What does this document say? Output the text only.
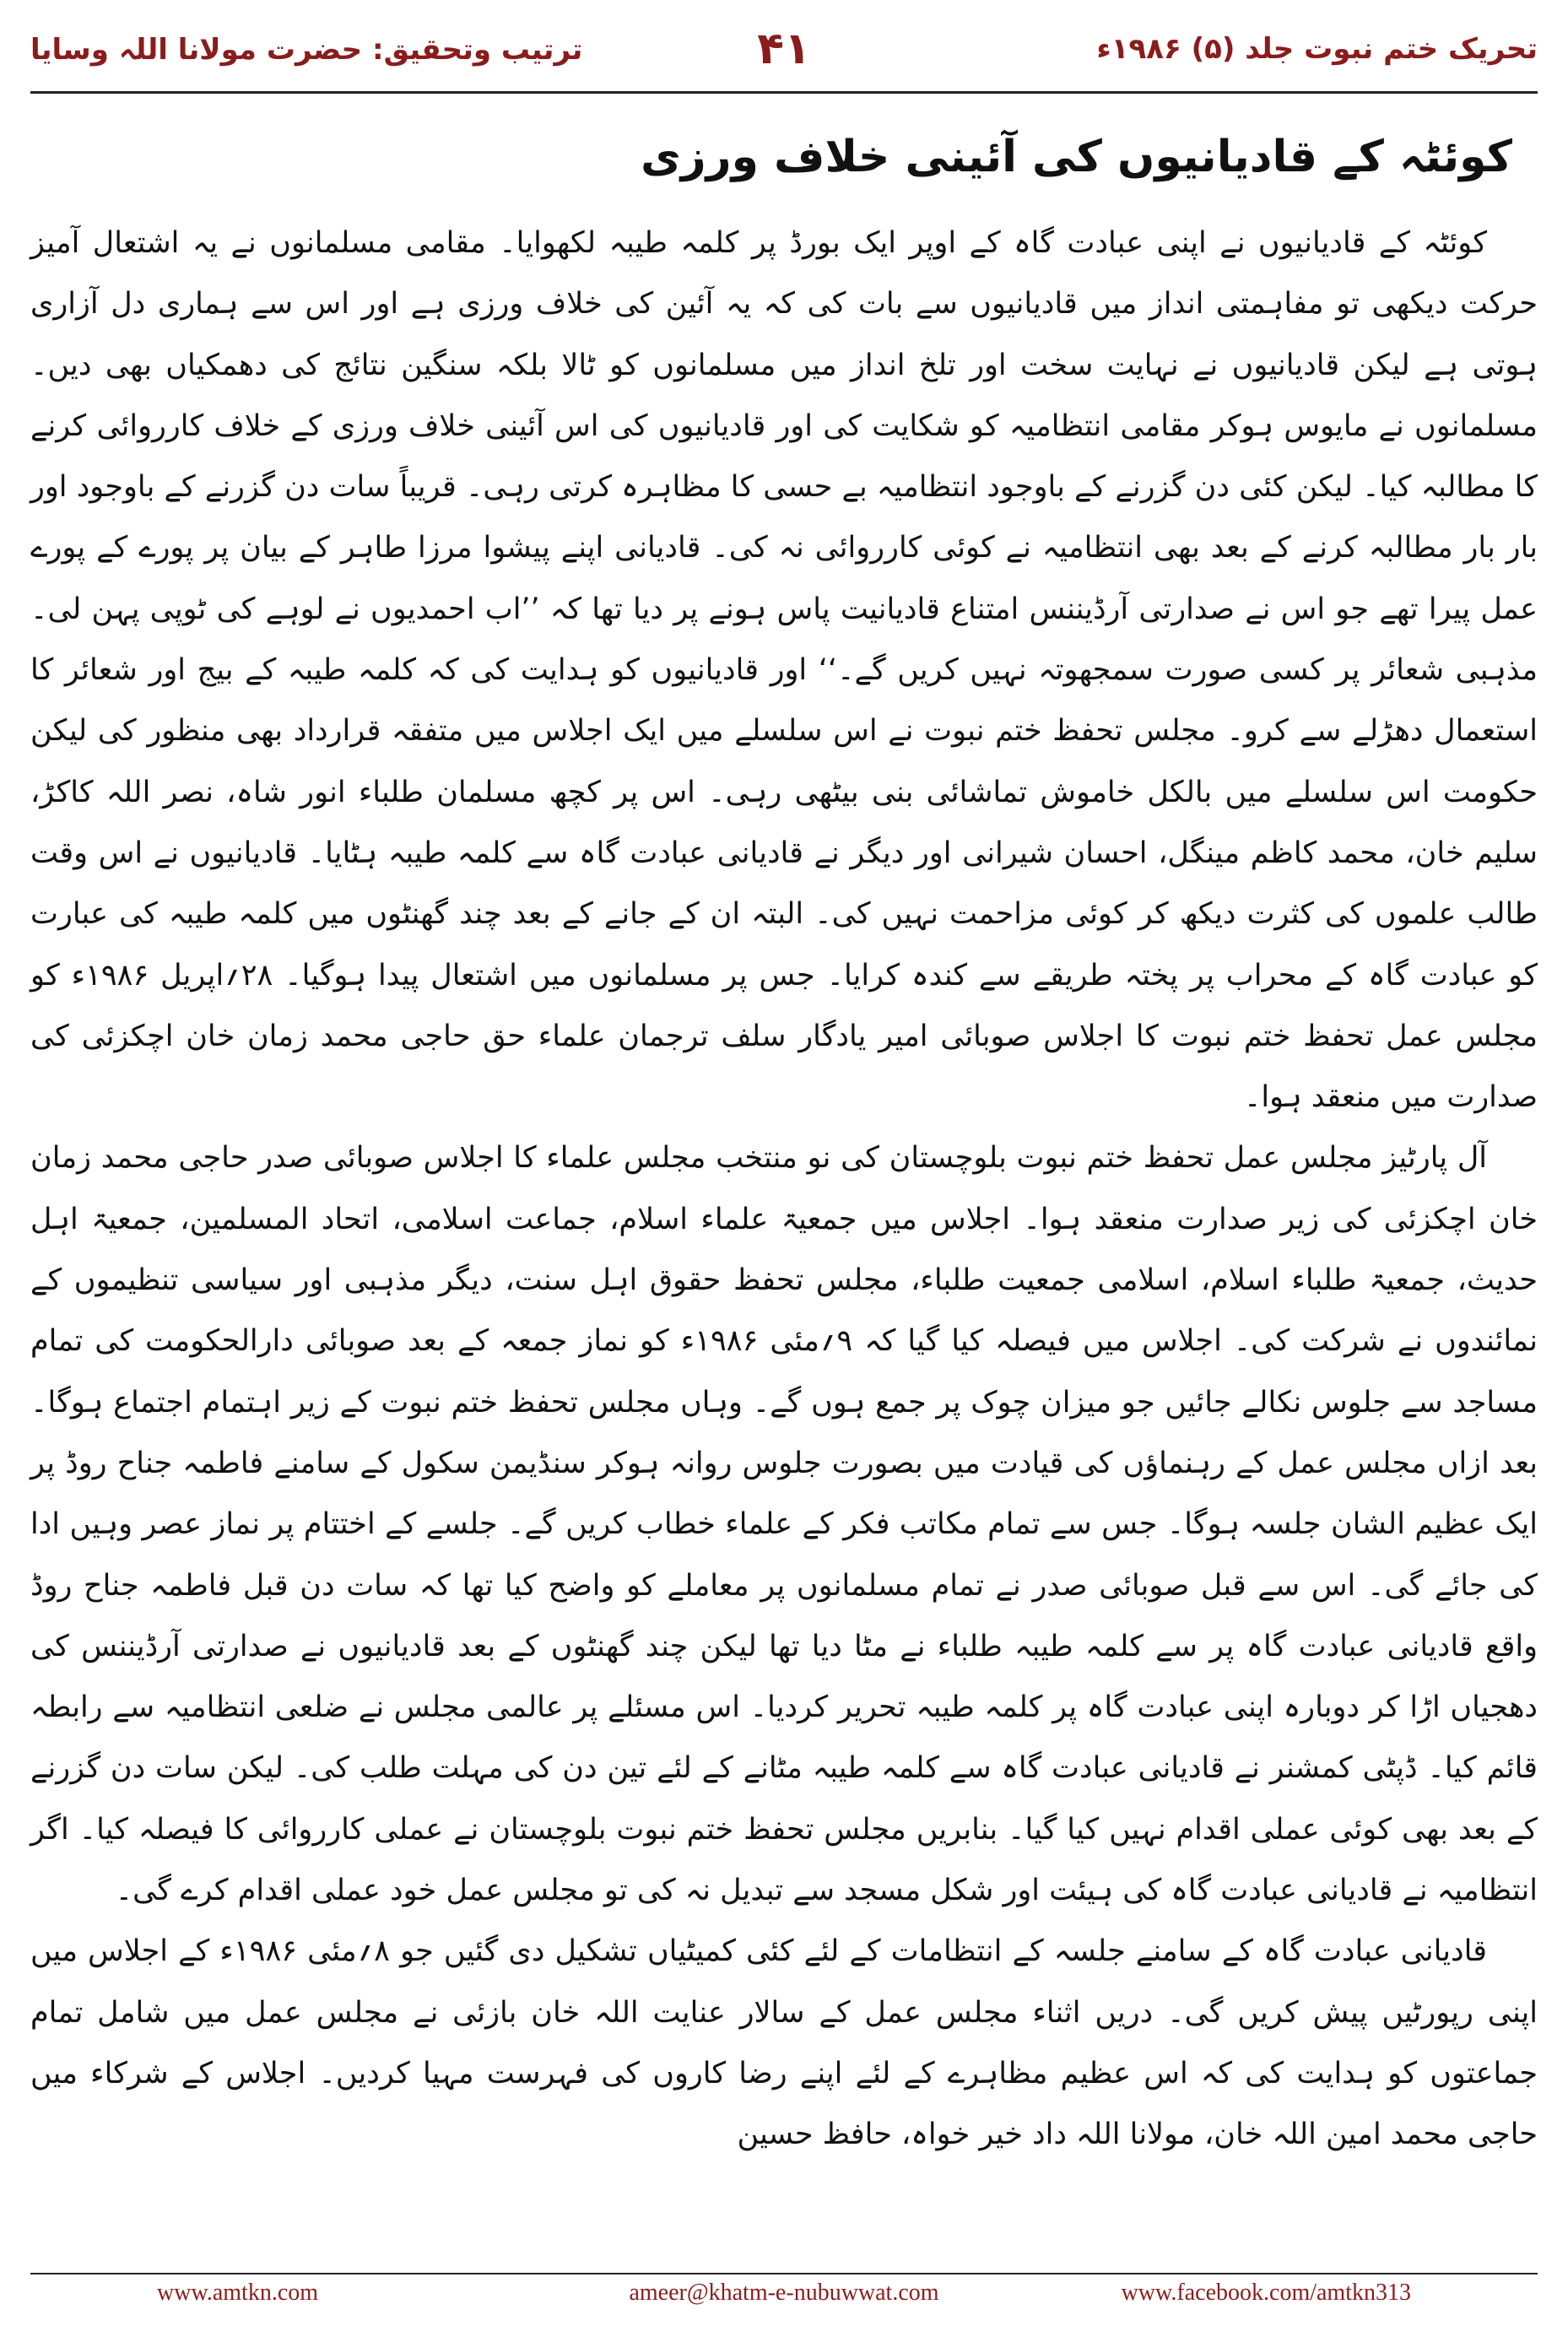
تحریک ختم نبوت جلد (۵) ۱۹۸۶ء
۴۱
ترتیب وتحقیق: حضرت مولانا اللہ وسایا
کوئٹہ کے قادیانیوں کی آئینی خلاف ورزی

کوئٹہ کے قادیانیوں نے اپنی عبادت گاہ کے اوپر ایک بورڈ پر کلمہ طیبہ لکھوایا۔ مقامی مسلمانوں نے یہ اشتعال آمیز حرکت دیکھی تو مفاہمتی انداز میں قادیانیوں سے بات کی کہ یہ آئین کی خلاف ورزی ہے اور اس سے ہماری دل آزاری ہوتی ہے لیکن قادیانیوں نے نہایت سخت اور تلخ انداز میں مسلمانوں کو ٹالا بلکہ سنگین نتائج کی دھمکیاں بھی دیں۔ مسلمانوں نے مایوس ہوکر مقامی انتظامیہ کو شکایت کی اور قادیانیوں کی اس آئینی خلاف ورزی کے خلاف کارروائی کرنے کا مطالبہ کیا۔ لیکن کئی دن گزرنے کے باوجود انتظامیہ بے حسی کا مظاہرہ کرتی رہی۔ قریباً سات دن گزرنے کے باوجود اور بار بار مطالبہ کرنے کے بعد بھی انتظامیہ نے کوئی کارروائی نہ کی۔ قادیانی اپنے پیشوا مرزا طاہر کے بیان پر پورے کے پورے عمل پیرا تھے جو اس نے صدارتی آرڈیننس امتناع قادیانیت پاس ہونے پر دیا تھا کہ ’’اب احمدیوں نے لوہے کی ٹوپی پہن لی۔ مذہبی شعائر پر کسی صورت سمجھوتہ نہیں کریں گے۔‘‘ اور قادیانیوں کو ہدایت کی کہ کلمہ طیبہ کے بیج اور شعائر کا استعمال دھڑلے سے کرو۔ مجلس تحفظ ختم نبوت نے اس سلسلے میں ایک اجلاس میں متفقہ قرارداد بھی منظور کی لیکن حکومت اس سلسلے میں بالکل خاموش تماشائی بنی بیٹھی رہی۔ اس پر کچھ مسلمان طلباء انور شاہ، نصر اللہ کاکڑ، سلیم خان، محمد کاظم مینگل، احسان شیرانی اور دیگر نے قادیانی عبادت گاہ سے کلمہ طیبہ ہٹایا۔ قادیانیوں نے اس وقت طالب علموں کی کثرت دیکھ کر کوئی مزاحمت نہیں کی۔ البتہ ان کے جانے کے بعد چند گھنٹوں میں کلمہ طیبہ کی عبارت کو عبادت گاہ کے محراب پر پختہ طریقے سے کندہ کرایا۔ جس پر مسلمانوں میں اشتعال پیدا ہوگیا۔ ۲۸؍اپریل ۱۹۸۶ء کو مجلس عمل تحفظ ختم نبوت کا اجلاس صوبائی امیر یادگار سلف ترجمان علماء حق حاجی محمد زمان خان اچکزئی کی صدارت میں منعقد ہوا۔

آل پارٹیز مجلس عمل تحفظ ختم نبوت بلوچستان کی نو منتخب مجلس علماء کا اجلاس صوبائی صدر حاجی محمد زمان خان اچکزئی کی زیر صدارت منعقد ہوا۔ اجلاس میں جمعیۃ علماء اسلام، جماعت اسلامی، اتحاد المسلمین، جمعیۃ اہل حدیث، جمعیۃ طلباء اسلام، اسلامی جمعیت طلباء، مجلس تحفظ حقوق اہل سنت، دیگر مذہبی اور سیاسی تنظیموں کے نمائندوں نے شرکت کی۔ اجلاس میں فیصلہ کیا گیا کہ ۹؍مئی ۱۹۸۶ء کو نماز جمعہ کے بعد صوبائی دارالحکومت کی تمام مساجد سے جلوس نکالے جائیں جو میزان چوک پر جمع ہوں گے۔ وہاں مجلس تحفظ ختم نبوت کے زیر اہتمام اجتماع ہوگا۔ بعد ازاں مجلس عمل کے رہنماؤں کی قیادت میں بصورت جلوس روانہ ہوکر سنڈیمن سکول کے سامنے فاطمہ جناح روڈ پر ایک عظیم الشان جلسہ ہوگا۔ جس سے تمام مکاتب فکر کے علماء خطاب کریں گے۔ جلسے کے اختتام پر نماز عصر وہیں ادا کی جائے گی۔ اس سے قبل صوبائی صدر نے تمام مسلمانوں پر معاملے کو واضح کیا تھا کہ سات دن قبل فاطمہ جناح روڈ واقع قادیانی عبادت گاہ پر سے کلمہ طیبہ طلباء نے مٹا دیا تھا لیکن چند گھنٹوں کے بعد قادیانیوں نے صدارتی آرڈیننس کی دھجیاں اڑا کر دوبارہ اپنی عبادت گاہ پر کلمہ طیبہ تحریر کردیا۔ اس مسئلے پر عالمی مجلس نے ضلعی انتظامیہ سے رابطہ قائم کیا۔ ڈپٹی کمشنر نے قادیانی عبادت گاہ سے کلمہ طیبہ مٹانے کے لئے تین دن کی مہلت طلب کی۔ لیکن سات دن گزرنے کے بعد بھی کوئی عملی اقدام نہیں کیا گیا۔ بنابریں مجلس تحفظ ختم نبوت بلوچستان نے عملی کارروائی کا فیصلہ کیا۔ اگر انتظامیہ نے قادیانی عبادت گاہ کی ہیئت اور شکل مسجد سے تبدیل نہ کی تو مجلس عمل خود عملی اقدام کرے گی۔

قادیانی عبادت گاہ کے سامنے جلسہ کے انتظامات کے لئے کئی کمیٹیاں تشکیل دی گئیں جو ۸؍مئی ۱۹۸۶ء کے اجلاس میں اپنی رپورٹیں پیش کریں گی۔ دریں اثناء مجلس عمل کے سالار عنایت اللہ خان بازئی نے مجلس عمل میں شامل تمام جماعتوں کو ہدایت کی کہ اس عظیم مظاہرے کے لئے اپنے رضا کاروں کی فہرست مہیا کردیں۔ اجلاس کے شرکاء میں حاجی محمد امین اللہ خان، مولانا اللہ داد خیر خواہ، حافظ حسین

www.amtkn.com	ameer@khatm-e-nubuwwat.com	www.facebook.com/amtkn313
